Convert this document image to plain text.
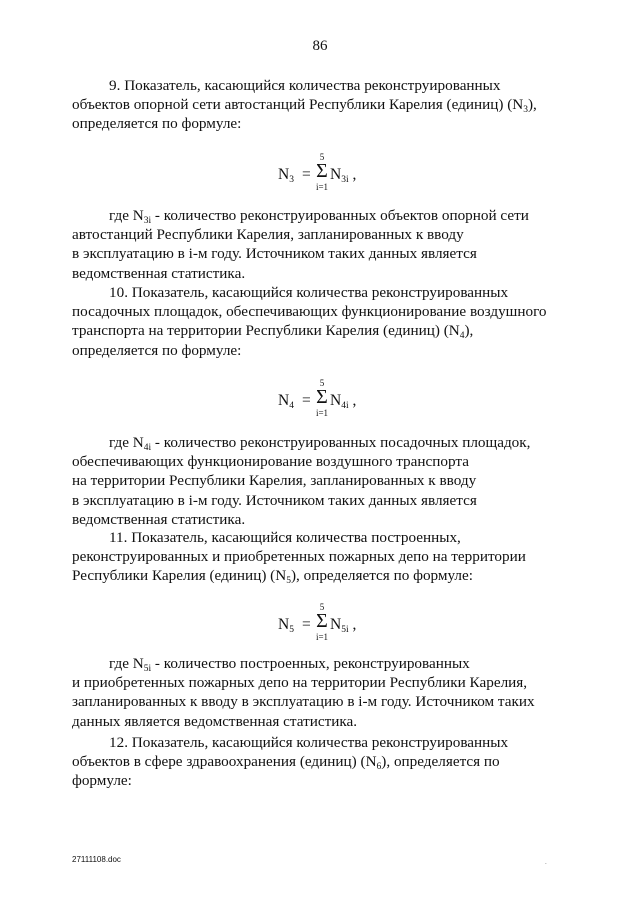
86

9. Показатель, касающийся количества реконструированных

объектов опорной сети автостанций Республики Карелия (единиц) $(N_3)$,

определяется по формуле:

$N_3$ =
5
Σ
i=1
$N_{3i}$ ,

где $N_{3i}$ - количество реконструированных объектов опорной сети

автостанций Республики Карелия, запланированных к вводу

в эксплуатацию в i-м году. Источником таких данных является

ведомственная статистика.

10. Показатель, касающийся количества реконструированных

посадочных площадок, обеспечивающих функционирование воздушного

транспорта на территории Республики Карелия (единиц) $(N_4)$,

определяется по формуле:

$N_4$ =
5
Σ
i=1
$N_{4i}$ ,

где $N_{4i}$ - количество реконструированных посадочных площадок,

обеспечивающих функционирование воздушного транспорта

на территории Республики Карелия, запланированных к вводу

в эксплуатацию в i-м году. Источником таких данных является

ведомственная статистика.

11. Показатель, касающийся количества построенных,

реконструированных и приобретенных пожарных депо на территории

Республики Карелия (единиц) $(N_5)$, определяется по формуле:

$N_5$ =
5
Σ
i=1
$N_{5i}$ ,

где $N_{5i}$ - количество построенных, реконструированных

и приобретенных пожарных депо на территории Республики Карелия,

запланированных к вводу в эксплуатацию в i-м году. Источником таких

данных является ведомственная статистика.

12. Показатель, касающийся количества реконструированных

объектов в сфере здравоохранения (единиц) $(N_6)$, определяется по

формуле:

27111108.doc	.
